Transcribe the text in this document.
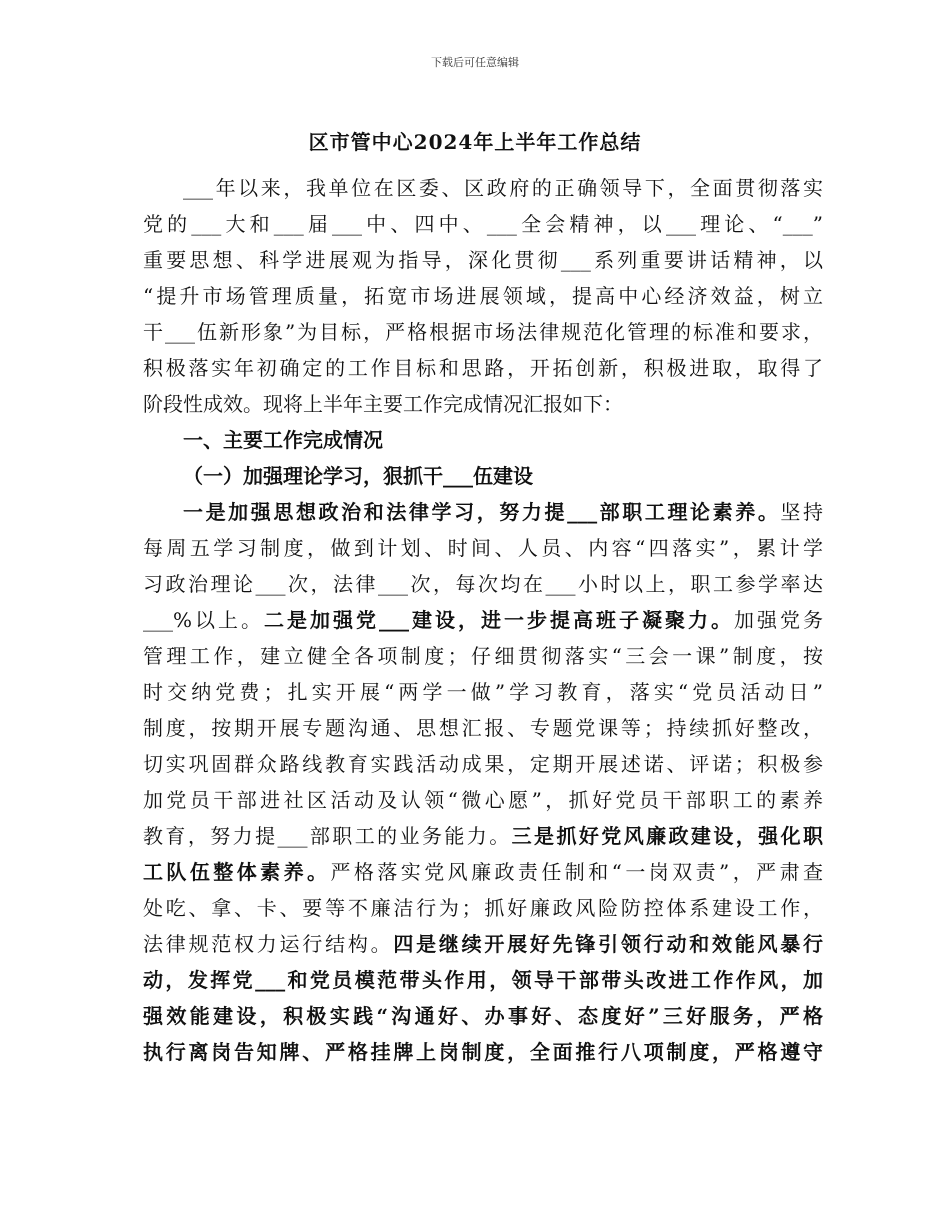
下载后可任意编辑
区市管中心2024年上半年工作总结

___年以来，我单位在区委、区政府的正确领导下，全面贯彻落实
党的___大和___届___中、四中、___全会精神，以___理论、“___”
重要思想、科学进展观为指导，深化贯彻___系列重要讲话精神，以
“提升市场管理质量，拓宽市场进展领域，提高中心经济效益，树立
干___伍新形象”为目标，严格根据市场法律规范化管理的标准和要求，
积极落实年初确定的工作目标和思路，开拓创新，积极进取，取得了
阶段性成效。现将上半年主要工作完成情况汇报如下：

一、主要工作完成情况

（一）加强理论学习，狠抓干___伍建设

一是加强思想政治和法律学习，努力提___部职工理论素养。坚持
每周五学习制度，做到计划、时间、人员、内容“四落实”，累计学
习政治理论___次，法律___次，每次均在___小时以上，职工参学率达
___%以上。二是加强党___建设，进一步提高班子凝聚力。加强党务
管理工作，建立健全各项制度；仔细贯彻落实“三会一课”制度，按
时交纳党费；扎实开展“两学一做”学习教育，落实“党员活动日”
制度，按期开展专题沟通、思想汇报、专题党课等；持续抓好整改，
切实巩固群众路线教育实践活动成果，定期开展述诺、评诺；积极参
加党员干部进社区活动及认领“微心愿”，抓好党员干部职工的素养
教育，努力提___部职工的业务能力。三是抓好党风廉政建设，强化职
工队伍整体素养。严格落实党风廉政责任制和“一岗双责”，严肃查
处吃、拿、卡、要等不廉洁行为；抓好廉政风险防控体系建设工作，
法律规范权力运行结构。四是继续开展好先锋引领行动和效能风暴行
动，发挥党___和党员模范带头作用，领导干部带头改进工作作风，加
强效能建设，积极实践“沟通好、办事好、态度好”三好服务，严格
执行离岗告知牌、严格挂牌上岗制度，全面推行八项制度，严格遵守
